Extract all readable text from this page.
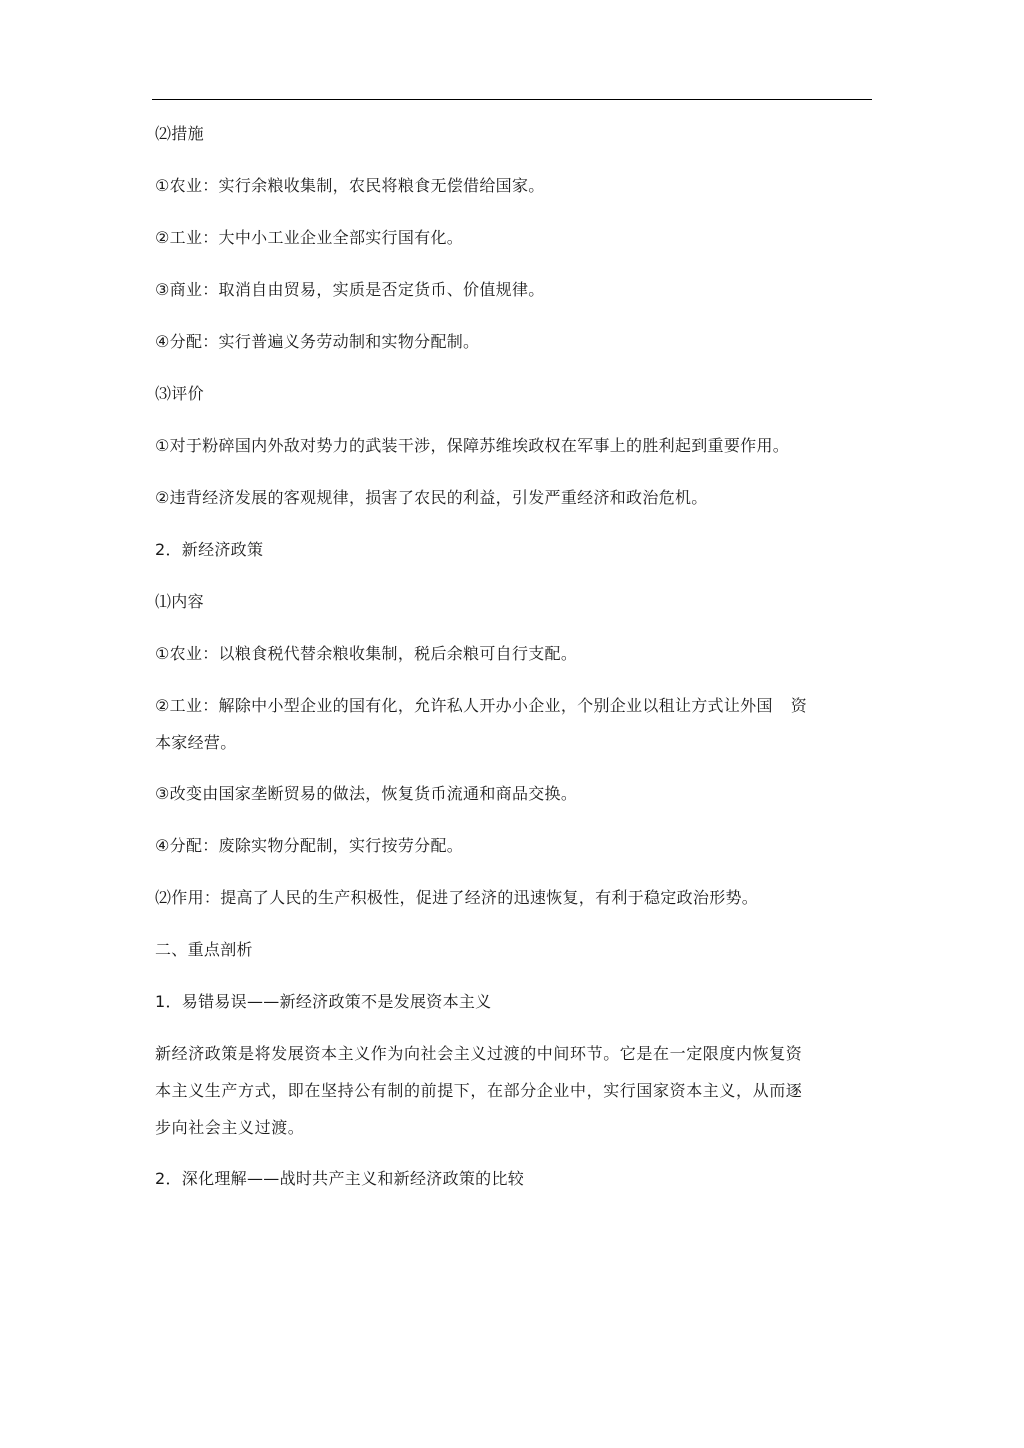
⑵措施
①农业：实行余粮收集制，农民将粮食无偿借给国家。
②工业：大中小工业企业全部实行国有化。
③商业：取消自由贸易，实质是否定货币、价值规律。
④分配：实行普遍义务劳动制和实物分配制。
⑶评价
①对于粉碎国内外敌对势力的武装干涉，保障苏维埃政权在军事上的胜利起到重要作用。
②违背经济发展的客观规律，损害了农民的利益，引发严重经济和政治危机。
2．新经济政策
⑴内容
①农业：以粮食税代替余粮收集制，税后余粮可自行支配。
②工业：解除中小型企业的国有化，允许私人开办小企业，个别企业以租让方式让外国 资
本家经营。
③改变由国家垄断贸易的做法，恢复货币流通和商品交换。
④分配：废除实物分配制，实行按劳分配。
⑵作用：提高了人民的生产积极性，促进了经济的迅速恢复，有利于稳定政治形势。
二、重点剖析
1．易错易误——新经济政策不是发展资本主义
新经济政策是将发展资本主义作为向社会主义过渡的中间环节。它是在一定限度内恢复资
本主义生产方式，即在坚持公有制的前提下，在部分企业中，实行国家资本主义，从而逐
步向社会主义过渡。
2．深化理解——战时共产主义和新经济政策的比较
